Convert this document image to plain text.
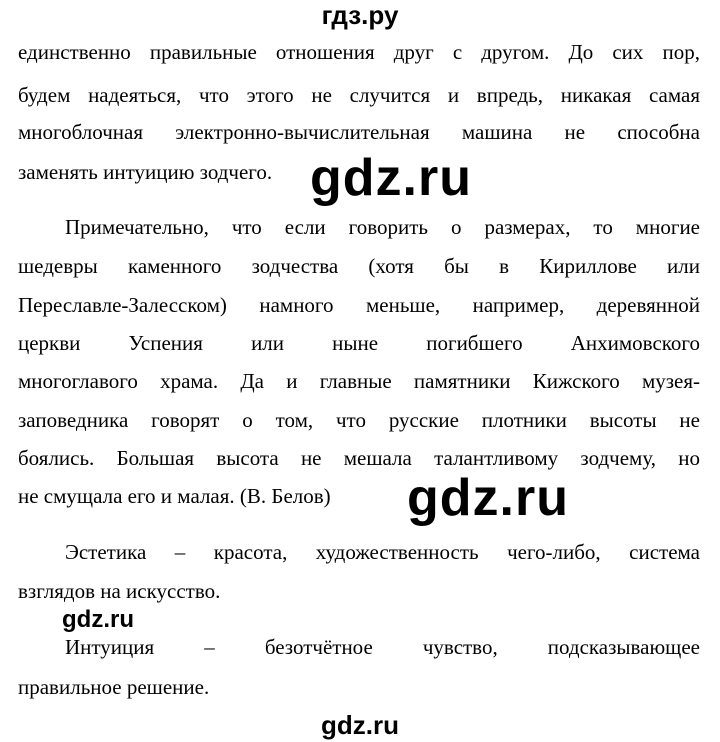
гдз.ру
единственно правильные отношения друг с другом. До сих пор,
будем надеяться, что этого не случится и впредь, никакая самая
многоблочная электронно-вычислительная машина не способна
заменять интуицию зодчего. gdz.ru
Примечательно, что если говорить о размерах, то многие
шедевры каменного зодчества (хотя бы в Кириллове или
Переславле-Залесском) намного меньше, например, деревянной
церкви Успения или ныне погибшего Анхимовского
многоглавого храма. Да и главные памятники Кижского музея-
заповедника говорят о том, что русские плотники высоты не
боялись. Большая высота не мешала талантливому зодчему, но
не смущала его и малая. (В. Белов)	gdz.ru
Эстетика – красота, художественность чего-либо, система
взглядов на искусство.
gdz.ru
Интуиция – безотчётное чувство, подсказывающее
правильное решение.
gdz.ru
